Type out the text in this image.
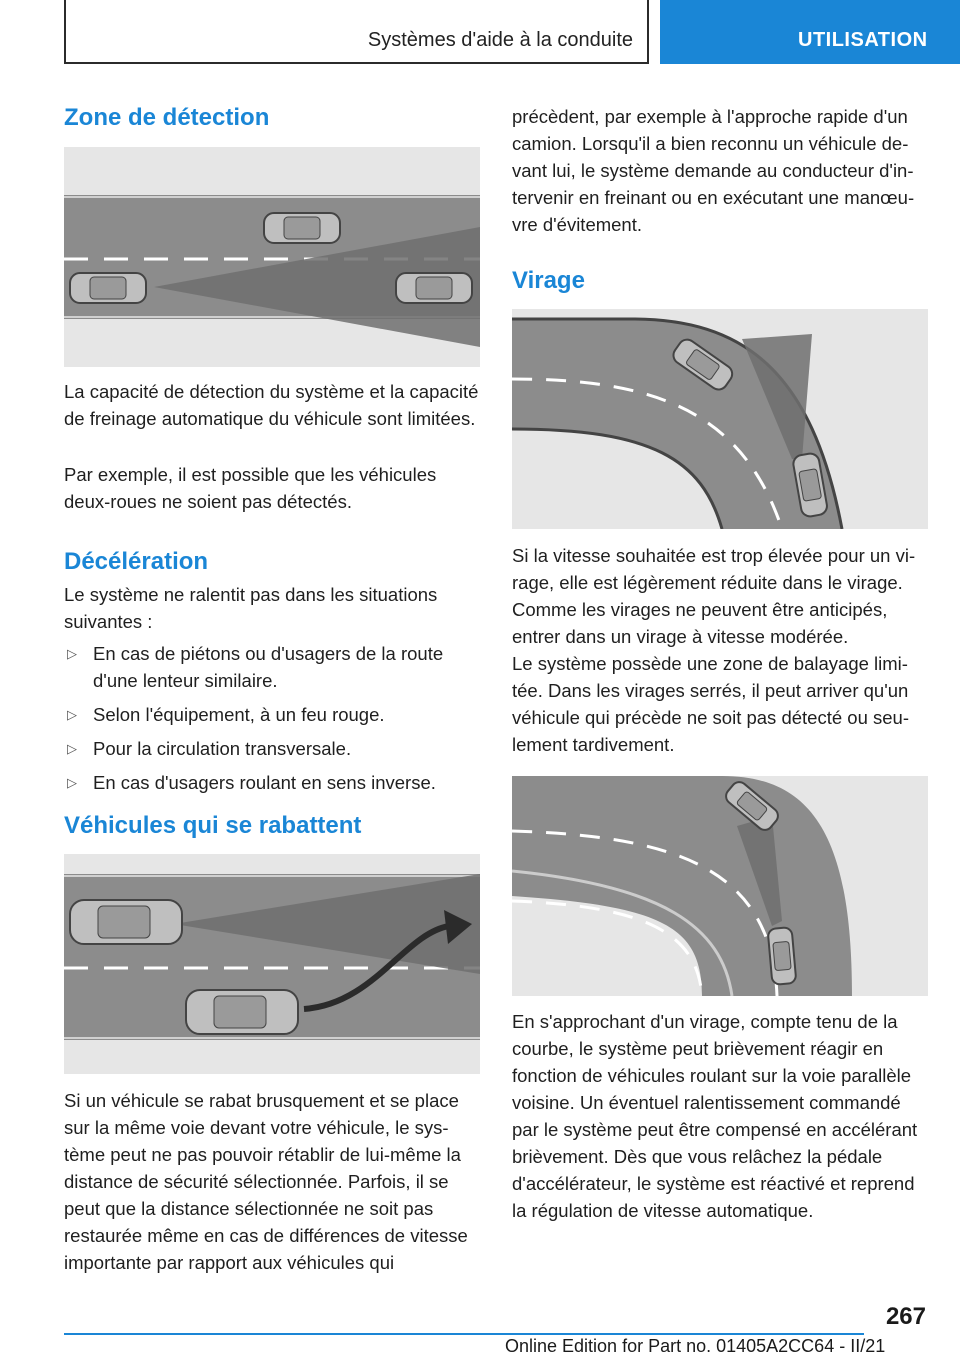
Systèmes d'aide à la conduite	UTILISATION
Zone de détection

La capacité de détection du système et la capacité de freinage automatique du véhicule sont limitées.

Par exemple, il est possible que les véhicules deux-roues ne soient pas détectés.

Décélération

Le système ne ralentit pas dans les situations suivantes :

▷ En cas de piétons ou d'usagers de la route d'une lenteur similaire.
▷ Selon l'équipement, à un feu rouge.
▷ Pour la circulation transversale.
▷ En cas d'usagers roulant en sens inverse.
Véhicules qui se rabattent

Si un véhicule se rabat brusquement et se place sur la même voie devant votre véhicule, le système peut ne pas pouvoir rétablir de lui-même la distance de sécurité sélectionnée. Parfois, il se peut que la distance sélectionnée ne soit pas restaurée même en cas de différences de vitesse importante par rapport aux véhicules qui

précèdent, par exemple à l'approche rapide d'un camion. Lorsqu'il a bien reconnu un véhicule devant lui, le système demande au conducteur d'intervenir en freinant ou en exécutant une manœuvre d'évitement.

Virage

Si la vitesse souhaitée est trop élevée pour un virage, elle est légèrement réduite dans le virage. Comme les virages ne peuvent être anticipés, entrer dans un virage à vitesse modérée.

Le système possède une zone de balayage limitée. Dans les virages serrés, il peut arriver qu'un véhicule qui précède ne soit pas détecté ou seulement tardivement.

En s'approchant d'un virage, compte tenu de la courbe, le système peut brièvement réagir en fonction de véhicules roulant sur la voie parallèle voisine. Un éventuel ralentissement commandé par le système peut être compensé en accélérant brièvement. Dès que vous relâchez la pédale d'accélérateur, le système est réactivé et reprend la régulation de vitesse automatique.

267
Online Edition for Part no. 01405A2CC64 - II/21
